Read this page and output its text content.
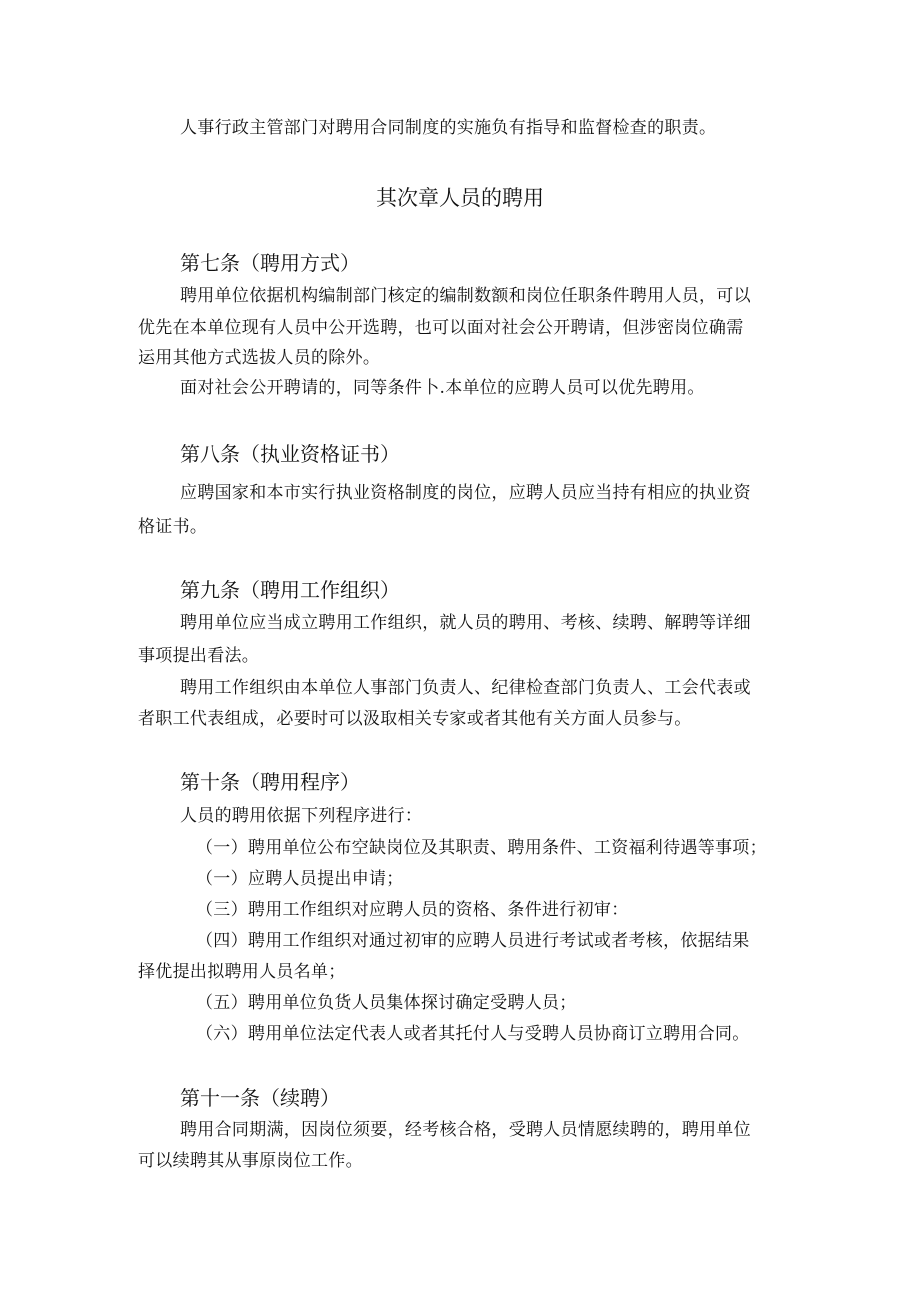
人事行政主管部门对聘用合同制度的实施负有指导和监督检查的职责。
其次章人员的聘用
第七条（聘用方式）
聘用单位依据机构编制部门核定的编制数额和岗位任职条件聘用人员，可以
优先在本单位现有人员中公开选聘，也可以面对社会公开聘请，但涉密岗位确需
运用其他方式选拔人员的除外。
面对社会公开聘请的，同等条件卜.本单位的应聘人员可以优先聘用。
第八条（执业资格证书）
应聘国家和本市实行执业资格制度的岗位，应聘人员应当持有相应的执业资
格证书。
第九条（聘用工作组织）
聘用单位应当成立聘用工作组织，就人员的聘用、考核、续聘、解聘等详细
事项提出看法。
聘用工作组织由本单位人事部门负责人、纪律检查部门负责人、工会代表或
者职工代表组成，必要时可以汲取相关专家或者其他有关方面人员参与。
第十条（聘用程序）
人员的聘用依据下列程序进行：
（一）聘用单位公布空缺岗位及其职责、聘用条件、工资福利待遇等事项；
（一）应聘人员提出申请；
（三）聘用工作组织对应聘人员的资格、条件进行初审：
（四）聘用工作组织对通过初审的应聘人员进行考试或者考核，依据结果
择优提出拟聘用人员名单；
（五）聘用单位负货人员集体探讨确定受聘人员；
（六）聘用单位法定代表人或者其托付人与受聘人员协商订立聘用合同。
第十一条（续聘）
聘用合同期满，因岗位须要，经考核合格，受聘人员情愿续聘的，聘用单位
可以续聘其从事原岗位工作。
